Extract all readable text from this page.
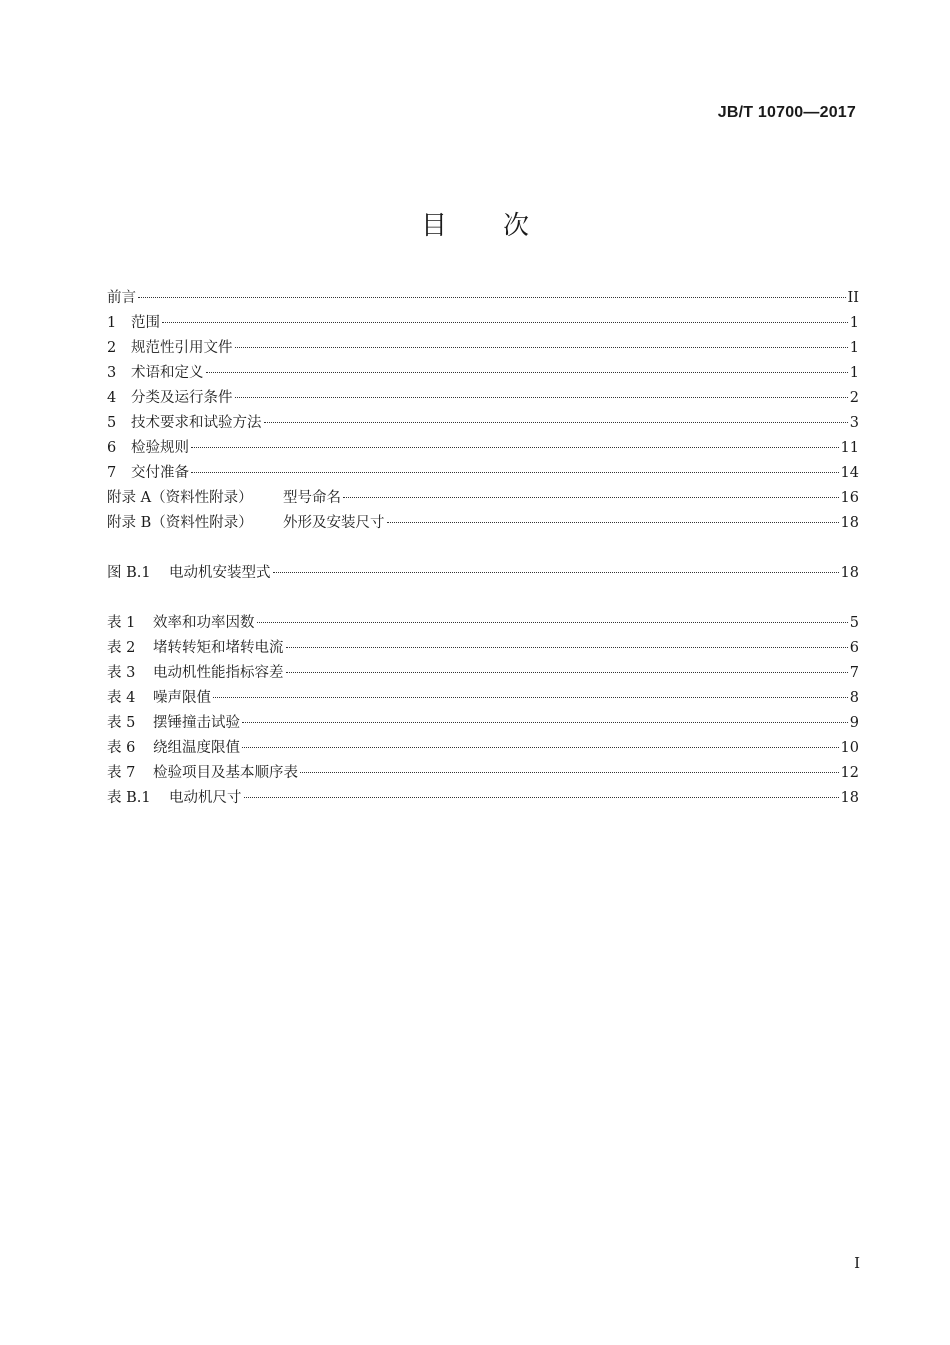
JB/T 10700—2017
目次
前言	II
1	范围	1
2	规范性引用文件	1
3	术语和定义	1
4	分类及运行条件	2
5	技术要求和试验方法	3
6	检验规则	11
7	交付准备	14
附录 A（资料性附录）	型号命名	16
附录 B（资料性附录）	外形及安装尺寸	18
图 B.1	电动机安装型式	18
表 1	效率和功率因数	5
表 2	堵转转矩和堵转电流	6
表 3	电动机性能指标容差	7
表 4	噪声限值	8
表 5	摆锤撞击试验	9
表 6	绕组温度限值	10
表 7	检验项目及基本顺序表	12
表 B.1	电动机尺寸	18
I
